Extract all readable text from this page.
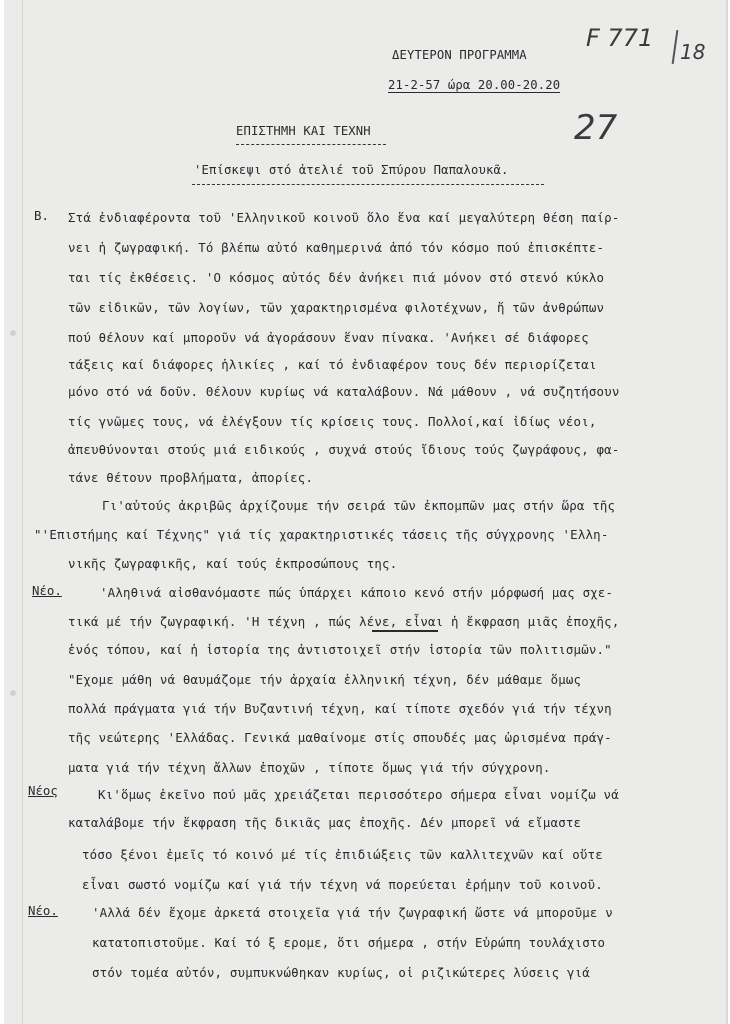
ΔΕΥΤΕΡΟΝ ΠΡΟΓΡΑΜΜΑ
21-2-57 ώρα 20.00-20.20
F 771 18
27
ΕΠΙΣΤΗΜΗ ΚΑΙ ΤΕΧΝΗ
'Επίσκεψι στό ἀτελιέ τοῦ Σπύρου Παπαλουκᾶ.
Β.
Νέο.
Νέος
Νέο.
Στά ἐνδιαφέροντα τοῦ 'Ελληνικοῦ κοινοῦ ὅλο ἕνα καί μεγαλύτερη θέση παίρ-
νει ἡ ζωγραφική. Τό βλέπω αὐτό καθημερινά ἀπό τόν κόσμο πού ἐπισκέπτε-
ται τίς ἐκθέσεις. 'Ο κόσμος αὐτός δέν ἀνήκει πιά μόνον στό στενό κύκλο
τῶν εἰδικῶν, τῶν λογίων, τῶν χαρακτηρισμένα φιλοτέχνων, ἤ τῶν ἀνθρώπων
πού θέλουν καί μποροῦν νά ἀγοράσουν ἕναν πίνακα. 'Ανήκει σέ διάφορες
τάξεις καί διάφορες ἡλικίες , καί τό ἐνδιαφέρον τους δέν περιορίζεται
μόνο στό νά δοῦν. Θέλουν κυρίως νά καταλάβουν. Νά μάθουν , νά συζητήσουν
τίς γνῶμες τους, νά ἐλέγξουν τίς κρίσεις τους. Πολλοί,καί ἰδίως νέοι,
ἀπευθύνονται στούς μιά ειδικούς , συχνά στούς ἴδιους τούς ζωγράφους, φα-
τάνε θέτουν προβλήματα, ἀπορίες.
Γι'αὐτούς ἀκριβῶς ἀρχίζουμε τήν σειρά τῶν ἐκπομπῶν μας στήν ὥρα τῆς
"'Επιστήμης καί Τέχνης" γιά τίς χαρακτηριστικές τάσεις τῆς σύγχρονης 'Ελλη-
νικῆς ζωγραφικῆς, καί τούς ἐκπροσώπους της.
'Αληθινά αἰσθανόμαστε πώς ὑπάρχει κάποιο κενό στήν μόρφωσή μας σχε-
τικά μέ τήν ζωγραφική. 'Η τέχνη , πώς λένε, εἶναι ἡ ἔκφραση μιᾶς ἐποχῆς,
ἑνός τόπου, καί ἡ ἱστορία της ἀντιστοιχεῖ στήν ἱστορία τῶν πολιτισμῶν."
"Εχομε μάθη νά θαυμάζομε τήν ἀρχαία ἑλληνική τέχνη, δέν μάθαμε ὅμως
πολλά πράγματα γιά τήν Βυζαντινή τέχνη, καί τίποτε σχεδόν γιά τήν τέχνη
τῆς νεώτερης 'Ελλάδας. Γενικά μαθαίνομε στίς σπουδές μας ὡρισμένα πράγ-
ματα γιά τήν τέχνη ἄλλων ἐποχῶν , τίποτε ὅμως γιά τήν σύγχρονη.
Κι'ὅμως ἐκεῖνο πού μᾶς χρειάζεται περισσότερο σήμερα εἶναι νομίζω νά
καταλάβομε τήν ἔκφραση τῆς δικιᾶς μας ἐποχῆς. Δέν μπορεῖ νά εἴμαστε
τόσο ξένοι ἐμεῖς τό κοινό μέ τίς ἐπιδιώξεις τῶν καλλιτεχνῶν καί οὔτε
εἶναι σωστό νομίζω καί γιά τήν τέχνη νά πορεύεται ἐρήμην τοῦ κοινοῦ.
'Αλλά δέν ἔχομε ἀρκετά στοιχεῖα γιά τήν ζωγραφική ὥστε νά μποροῦμε ν
κατατοπιστοῦμε. Καί τό ξ ερομε, ὅτι σήμερα , στήν Εὐρώπη τουλάχιστο
στόν τομέα αὐτόν, συμπυκνώθηκαν κυρίως, οἱ ριζικώτερες λύσεις γιά
